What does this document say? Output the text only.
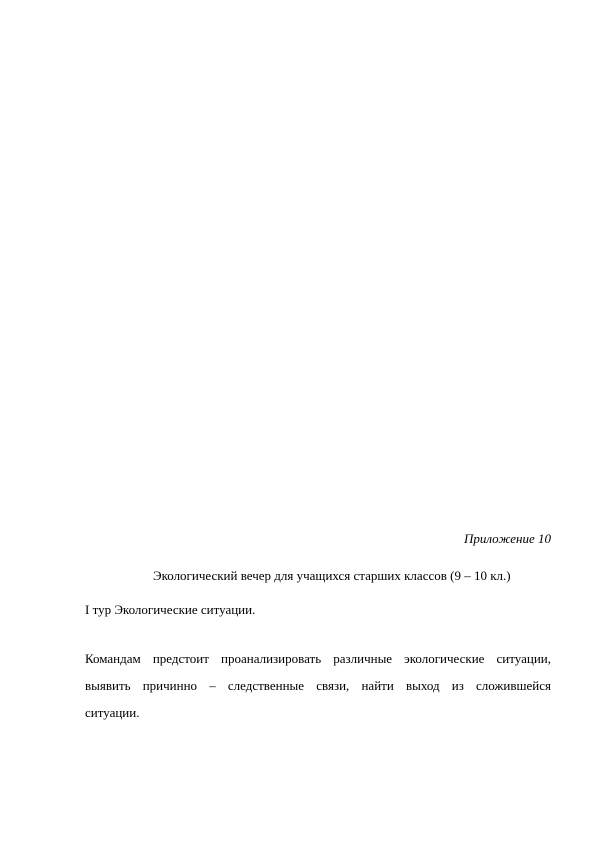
Приложение 10
Экологический вечер для учащихся старших классов (9 – 10 кл.)
I тур Экологические ситуации.

Командам предстоит проанализировать различные экологические ситуации, выявить причинно – следственные связи, найти выход из сложившейся ситуации.
